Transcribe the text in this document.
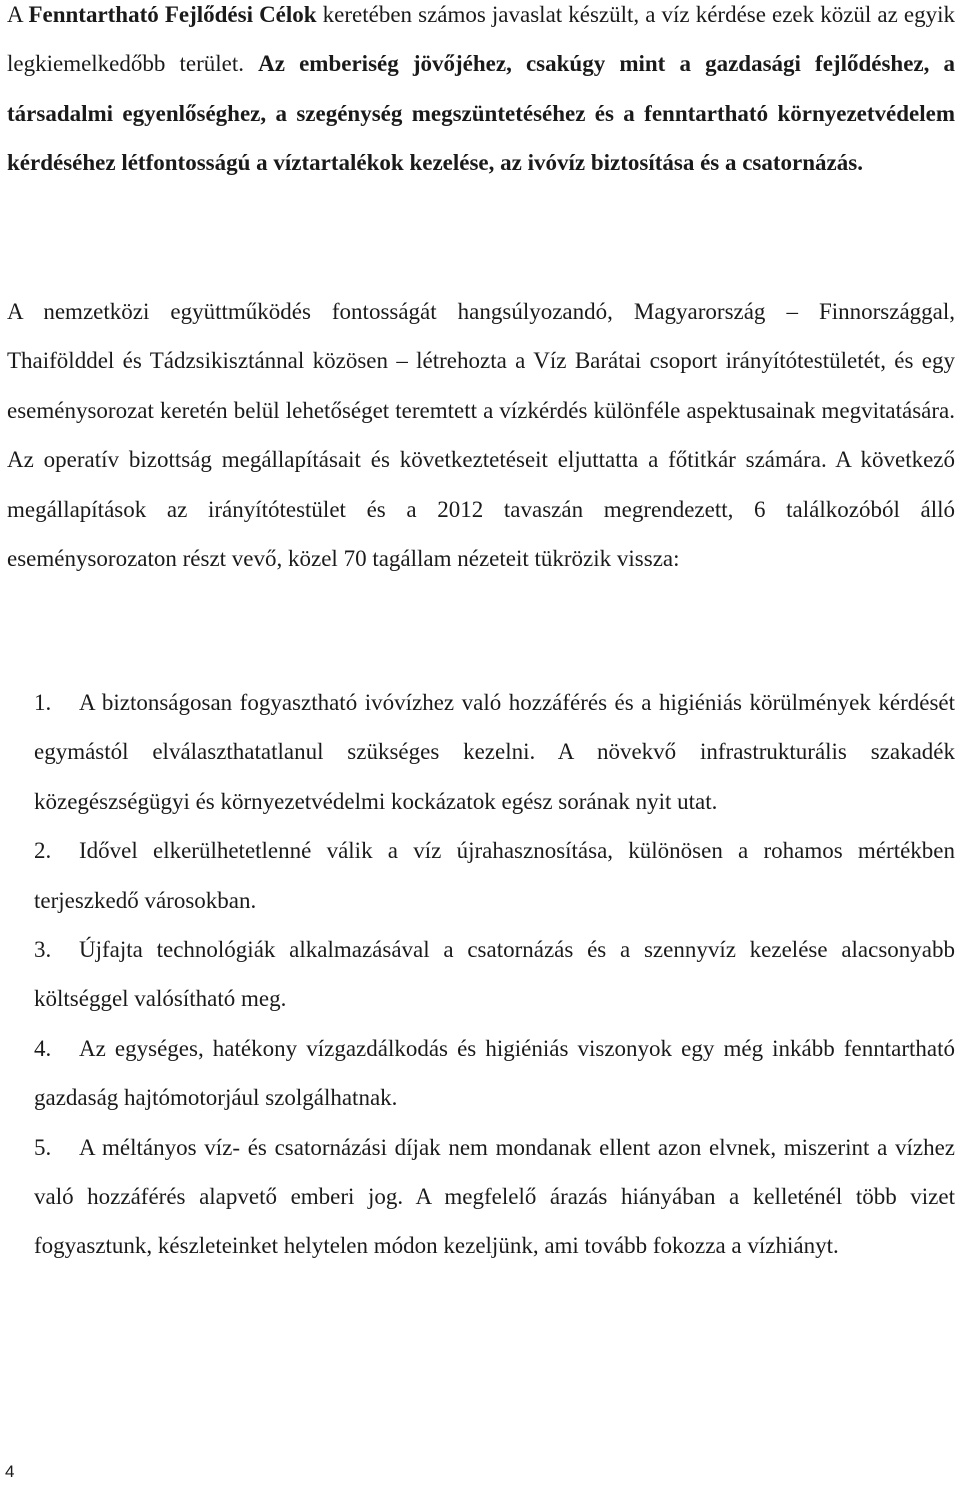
A Fenntartható Fejlődési Célok keretében számos javaslat készült, a víz kérdése ezek közül az egyik legkiemelkedőbb terület. Az emberiség jövőjéhez, csakúgy mint a gazdasági fejlődéshez, a társadalmi egyenlőséghez, a szegénység megszüntetéséhez és a fenntartható környezetvédelem kérdéséhez létfontosságú a víztartalékok kezelése, az ivóvíz biztosítása és a csatornázás.

A nemzetközi együttműködés fontosságát hangsúlyozandó, Magyarország – Finnországgal, Thaifölddel és Tádzsikisztánnal közösen – létrehozta a Víz Barátai csoport irányítótestületét, és egy eseménysorozat keretén belül lehetőséget teremtett a vízkérdés különféle aspektusainak megvitatására. Az operatív bizottság megállapításait és következtetéseit eljuttatta a főtitkár számára. A következő megállapítások az irányítótestület és a 2012 tavaszán megrendezett, 6 találkozóból álló eseménysorozaton részt vevő, közel 70 tagállam nézeteit tükrözik vissza:

1.	A biztonságosan fogyasztható ivóvízhez való hozzáférés és a higiéniás körülmények kérdését egymástól elválaszthatatlanul szükséges kezelni. A növekvő infrastrukturális szakadék közegészségügyi és környezetvédelmi kockázatok egész sorának nyit utat.
2.	Idővel elkerülhetetlenné válik a víz újrahasznosítása, különösen a rohamos mértékben terjeszkedő városokban.
3.	Újfajta technológiák alkalmazásával a csatornázás és a szennyvíz kezelése alacsonyabb költséggel valósítható meg.
4.	Az egységes, hatékony vízgazdálkodás és higiéniás viszonyok egy még inkább fenntartható gazdaság hajtómotorjául szolgálhatnak.
5.	A méltányos víz- és csatornázási díjak nem mondanak ellent azon elvnek, miszerint a vízhez való hozzáférés alapvető emberi jog. A megfelelő árazás hiányában a kelleténél több vizet fogyasztunk, készleteinket helytelen módon kezeljünk, ami tovább fokozza a vízhiányt.
4
